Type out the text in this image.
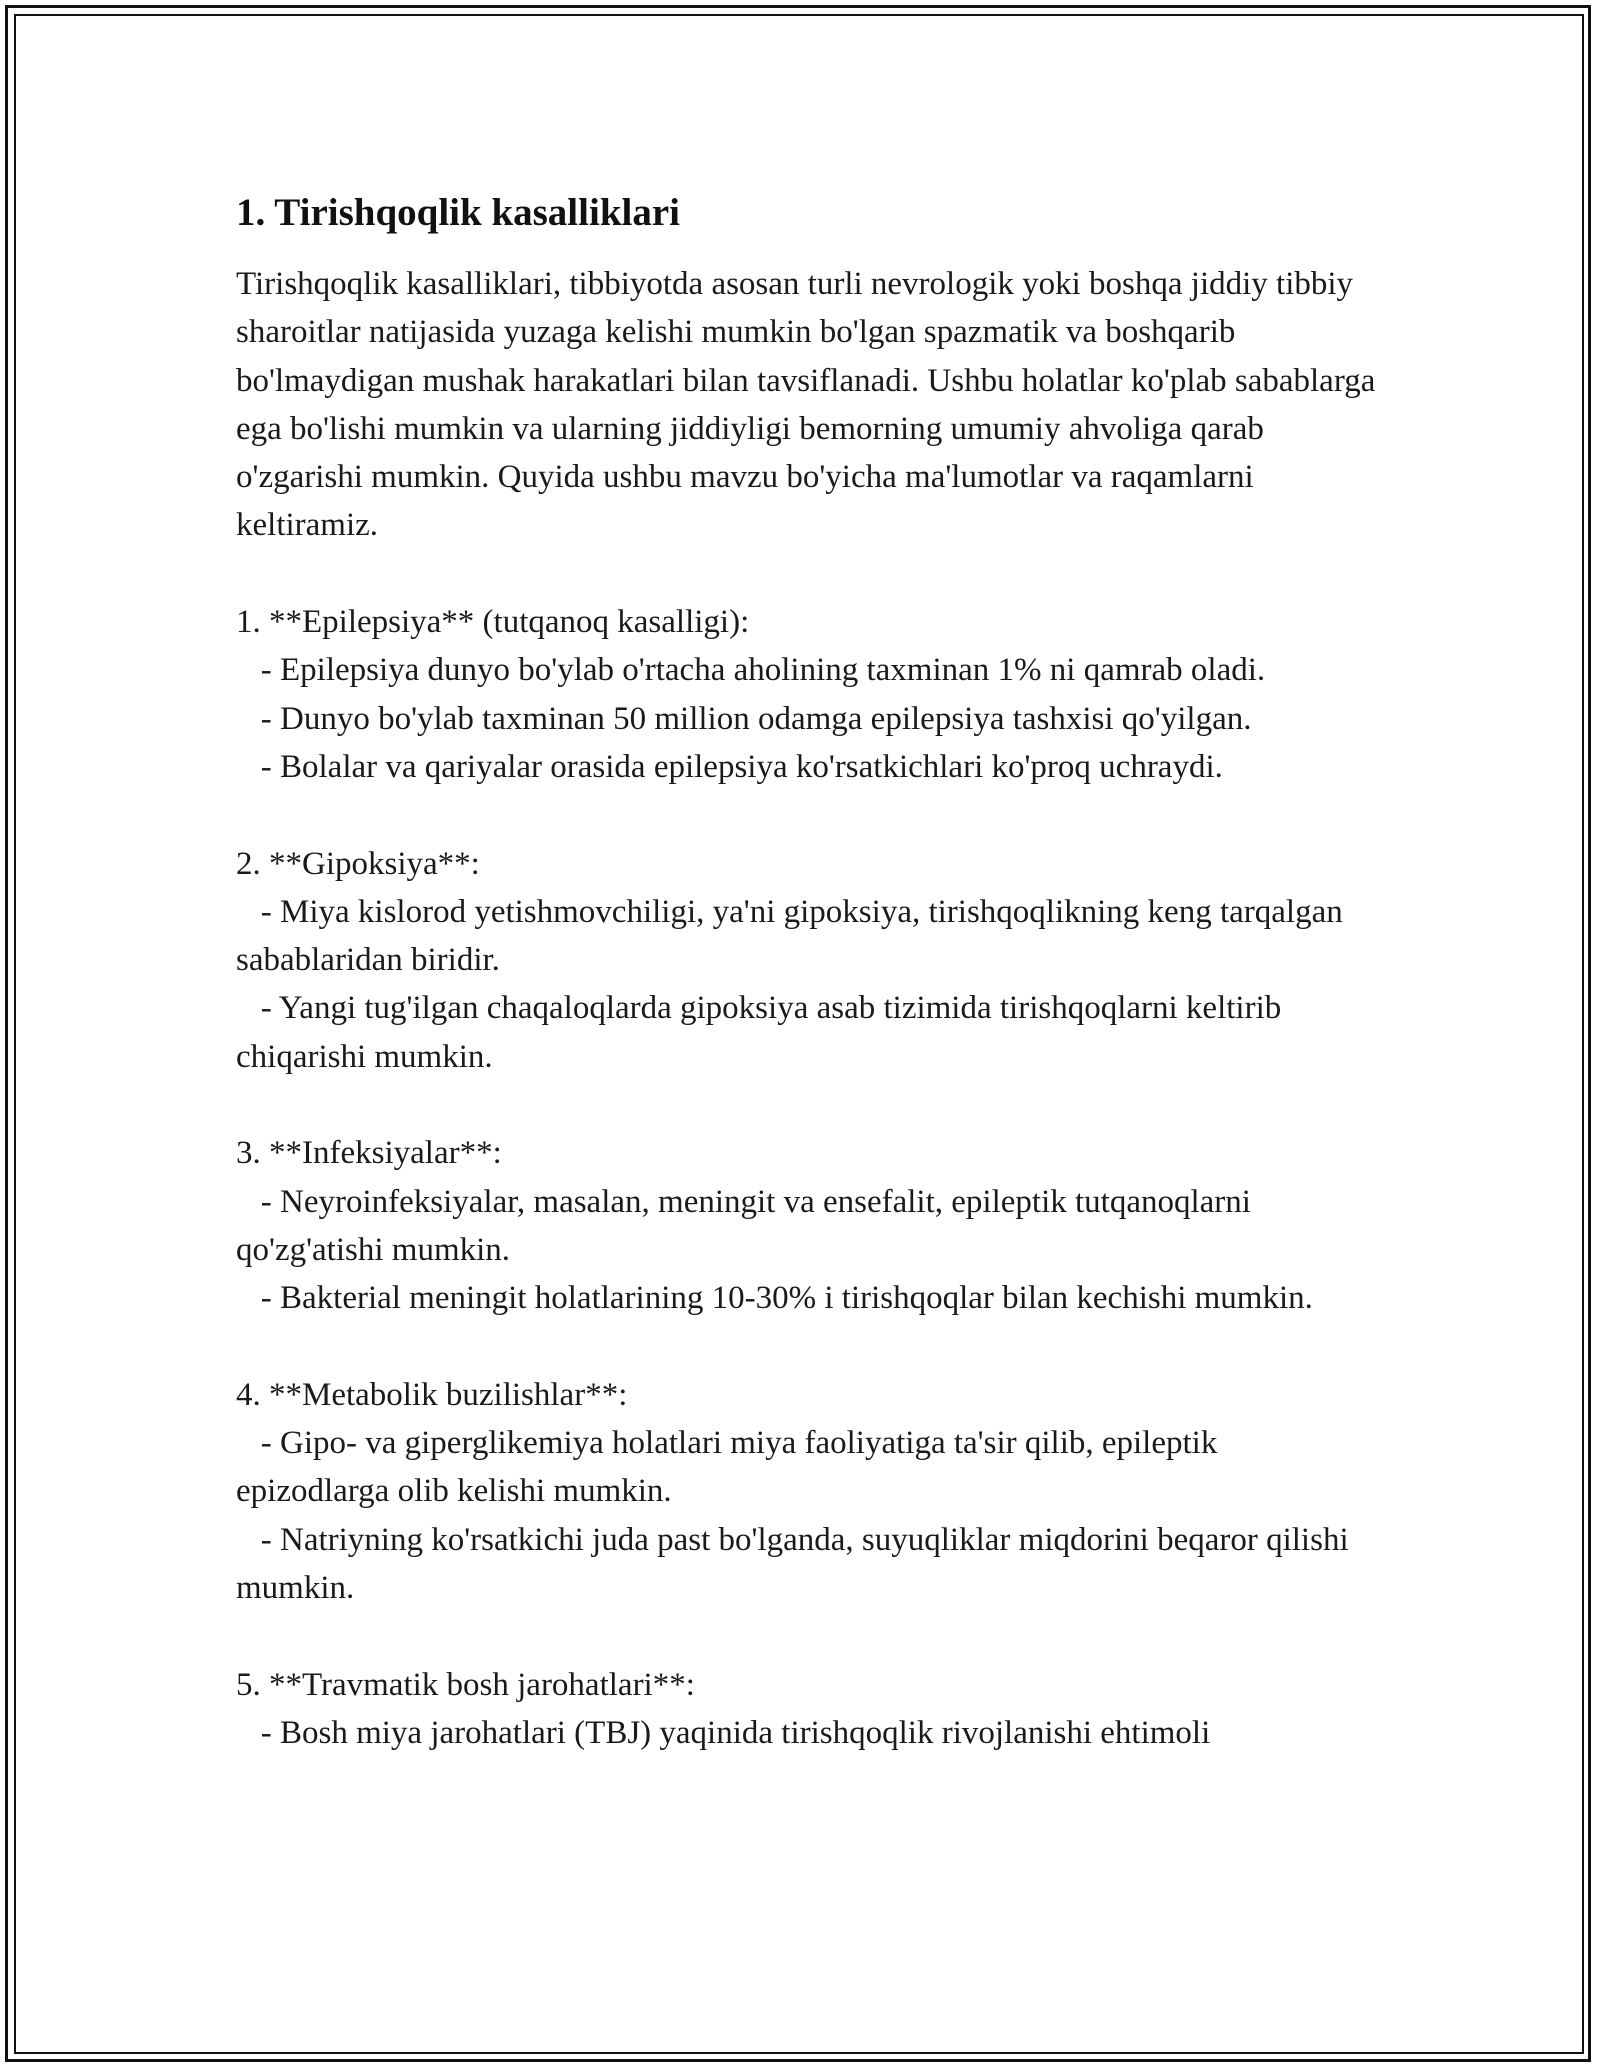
1. Tirishqoqlik kasalliklari

Tirishqoqlik kasalliklari, tibbiyotda asosan turli nevrologik yoki boshqa jiddiy tibbiy sharoitlar natijasida yuzaga kelishi mumkin bo'lgan spazmatik va boshqarib bo'lmaydigan mushak harakatlari bilan tavsiflanadi. Ushbu holatlar ko'plab sabablarga ega bo'lishi mumkin va ularning jiddiyligi bemorning umumiy ahvoliga qarab o'zgarishi mumkin. Quyida ushbu mavzu bo'yicha ma'lumotlar va raqamlarni keltiramiz.

1. **Epilepsiya** (tutqanoq kasalligi):
- Epilepsiya dunyo bo'ylab o'rtacha aholining taxminan 1% ni qamrab oladi.
- Dunyo bo'ylab taxminan 50 million odamga epilepsiya tashxisi qo'yilgan.
- Bolalar va qariyalar orasida epilepsiya ko'rsatkichlari ko'proq uchraydi.

2. **Gipoksiya**:
- Miya kislorod yetishmovchiligi, ya'ni gipoksiya, tirishqoqlikning keng tarqalgan sabablaridan biridir.
- Yangi tug'ilgan chaqaloqlarda gipoksiya asab tizimida tirishqoqlarni keltirib chiqarishi mumkin.

3. **Infeksiyalar**:
- Neyroinfeksiyalar, masalan, meningit va ensefalit, epileptik tutqanoqlarni qo'zg'atishi mumkin.
- Bakterial meningit holatlarining 10-30% i tirishqoqlar bilan kechishi mumkin.

4. **Metabolik buzilishlar**:
- Gipo- va giperglikemiya holatlari miya faoliyatiga ta'sir qilib, epileptik epizodlarga olib kelishi mumkin.
- Natriyning ko'rsatkichi juda past bo'lganda, suyuqliklar miqdorini beqaror qilishi mumkin.

5. **Travmatik bosh jarohatlari**:
- Bosh miya jarohatlari (TBJ) yaqinida tirishqoqlik rivojlanishi ehtimoli
